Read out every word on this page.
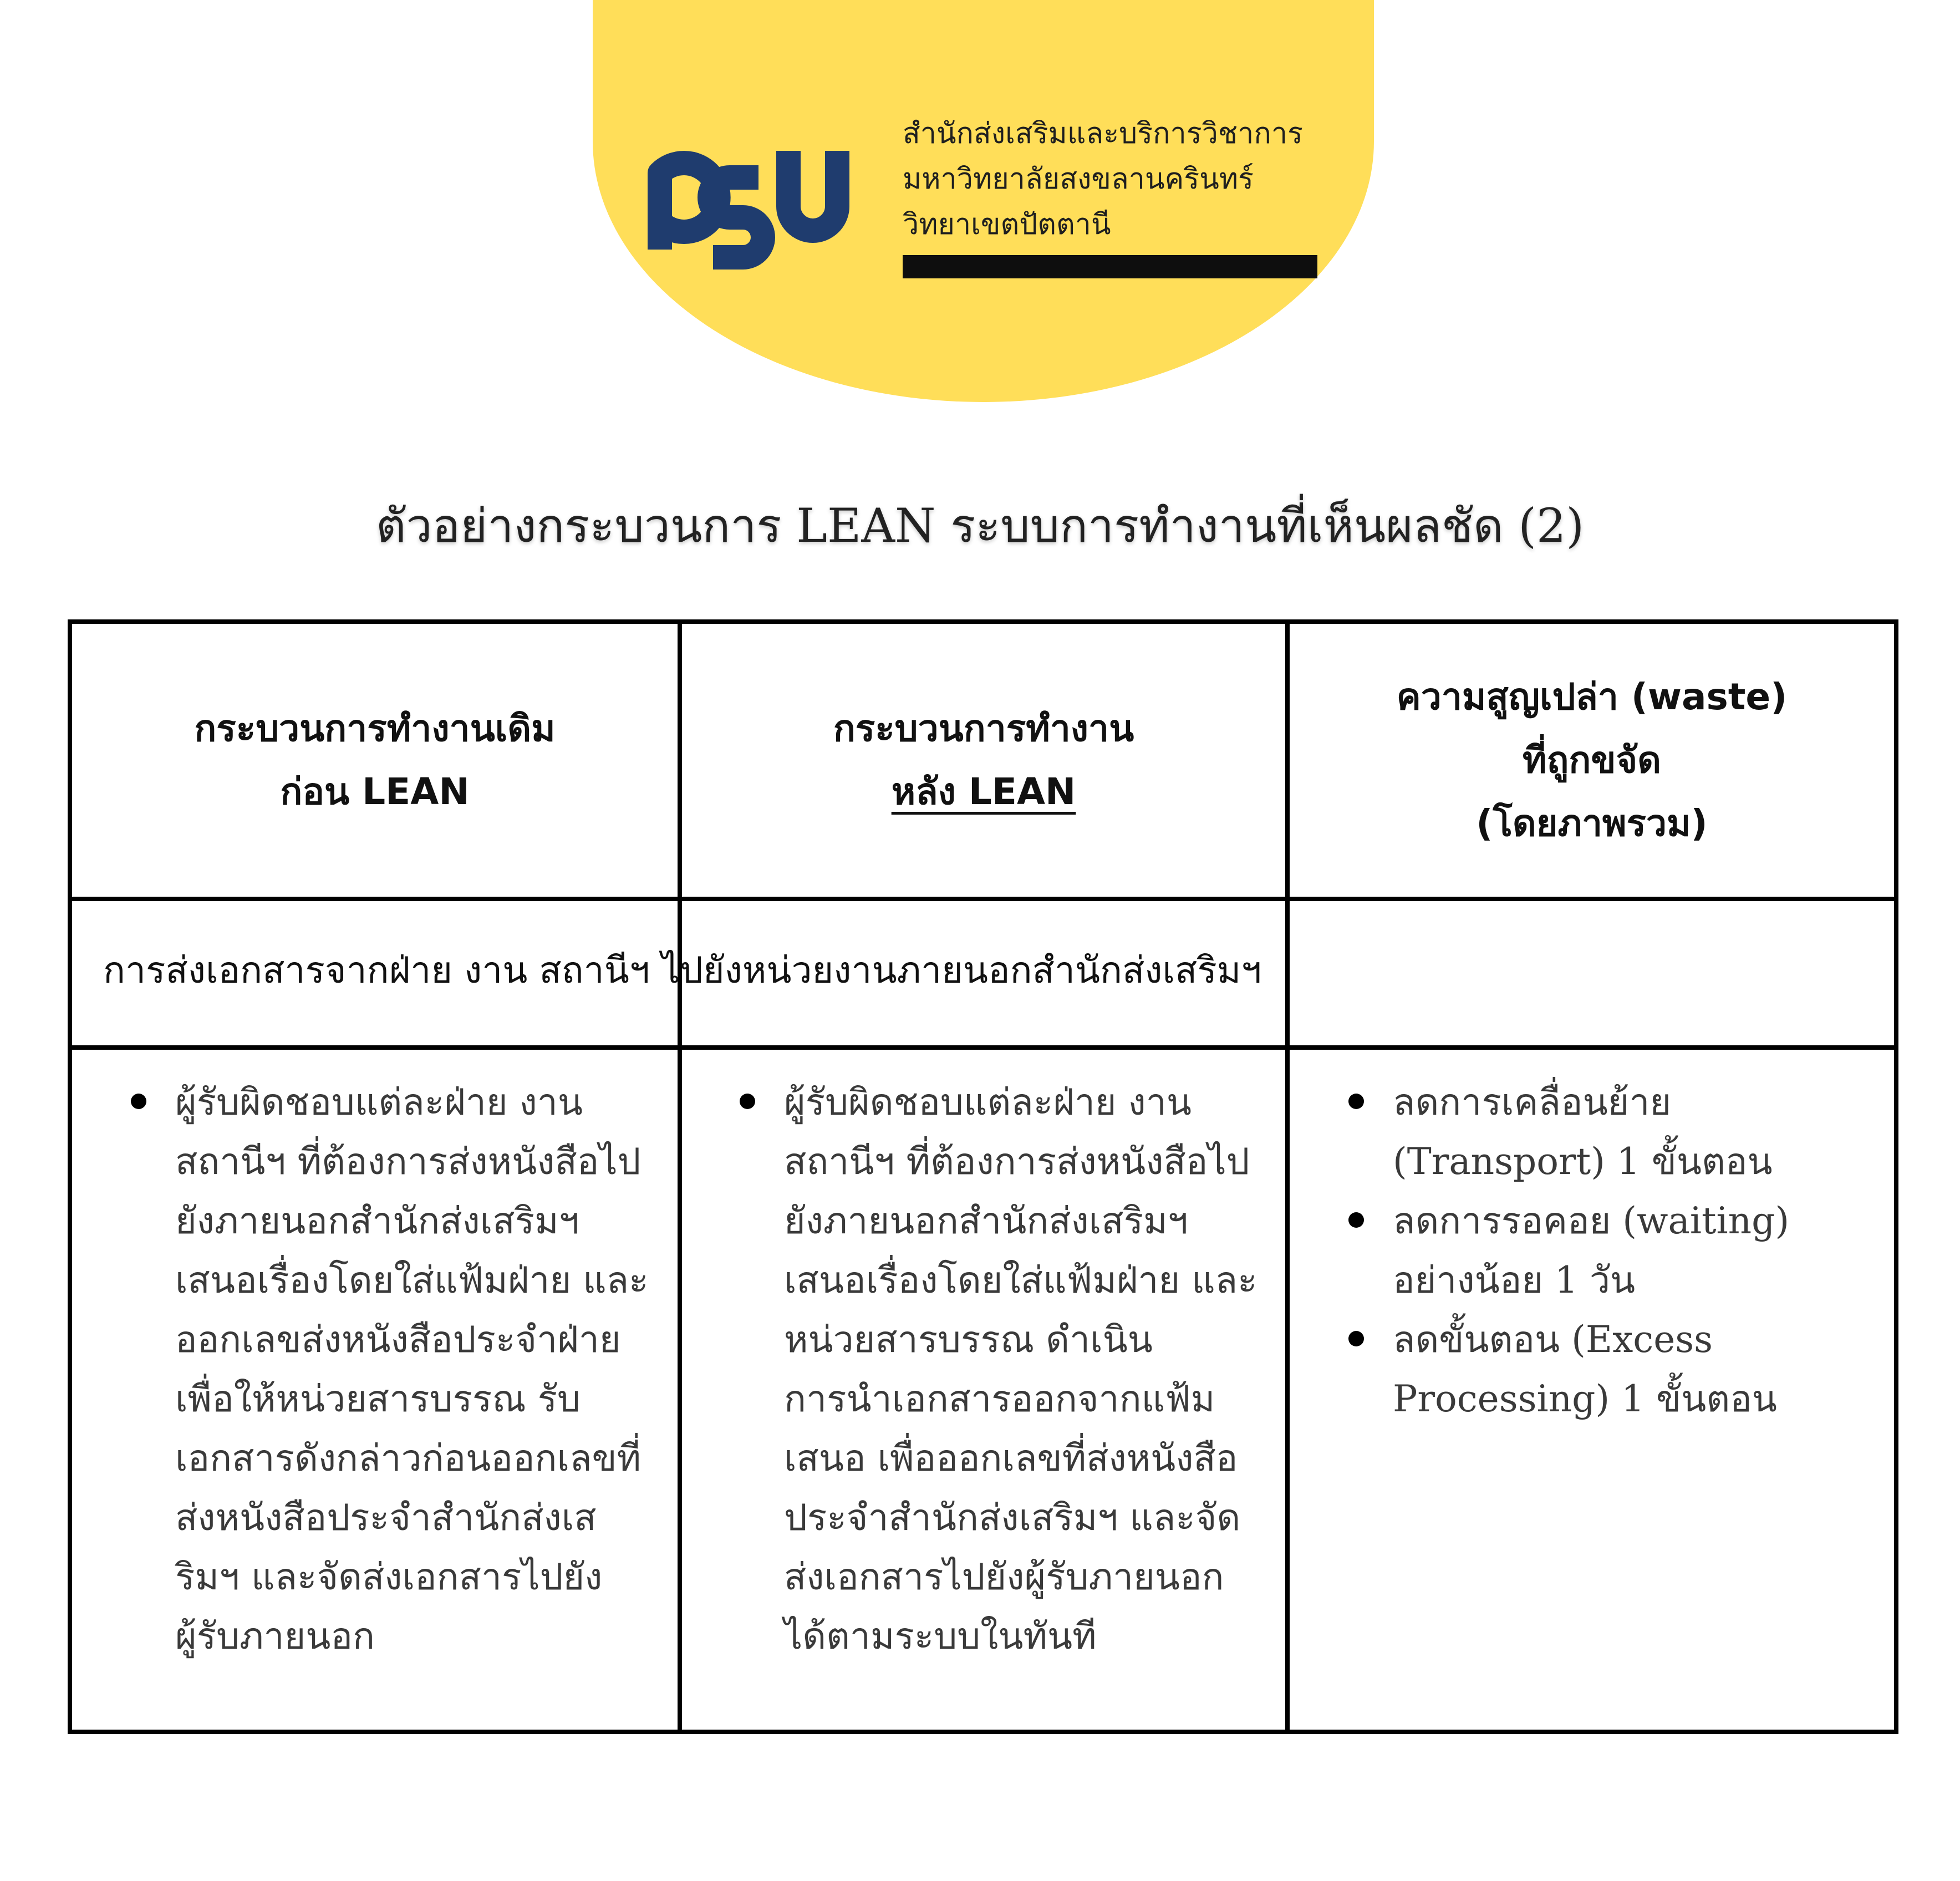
สำนักส่งเสริมและบริการวิชาการ
มหาวิทยาลัยสงขลานครินทร์
วิทยาเขตปัตตานี
ตัวอย่างกระบวนการ LEAN ระบบการทำงานที่เห็นผลชัด (2)
กระบวนการทำงานเดิม
ก่อน LEAN
กระบวนการทำงาน
หลัง LEAN
ความสูญเปล่า (waste)
ที่ถูกขจัด
(โดยภาพรวม)
การส่งเอกสารจากฝ่าย งาน สถานีฯ ไปยังหน่วยงานภายนอกสำนักส่งเสริมฯ
ผู้รับผิดชอบแต่ละฝ่าย งาน
สถานีฯ ที่ต้องการส่งหนังสือไป
ยังภายนอกสำนักส่งเสริมฯ
เสนอเรื่องโดยใส่แฟ้มฝ่าย และ
ออกเลขส่งหนังสือประจำฝ่าย
เพื่อให้หน่วยสารบรรณ รับ
เอกสารดังกล่าวก่อนออกเลขที่
ส่งหนังสือประจำสำนักส่งเส
ริมฯ และจัดส่งเอกสารไปยัง
ผู้รับภายนอก
ผู้รับผิดชอบแต่ละฝ่าย งาน
สถานีฯ ที่ต้องการส่งหนังสือไป
ยังภายนอกสำนักส่งเสริมฯ
เสนอเรื่องโดยใส่แฟ้มฝ่าย และ
หน่วยสารบรรณ ดำเนิน
การนำเอกสารออกจากแฟ้ม
เสนอ เพื่อออกเลขที่ส่งหนังสือ
ประจำสำนักส่งเสริมฯ และจัด
ส่งเอกสารไปยังผู้รับภายนอก
ได้ตามระบบในทันที
ลดการเคลื่อนย้าย
(Transport) 1 ขั้นตอน
ลดการรอคอย (waiting)
อย่างน้อย 1 วัน
ลดขั้นตอน (Excess
Processing) 1 ขั้นตอน
